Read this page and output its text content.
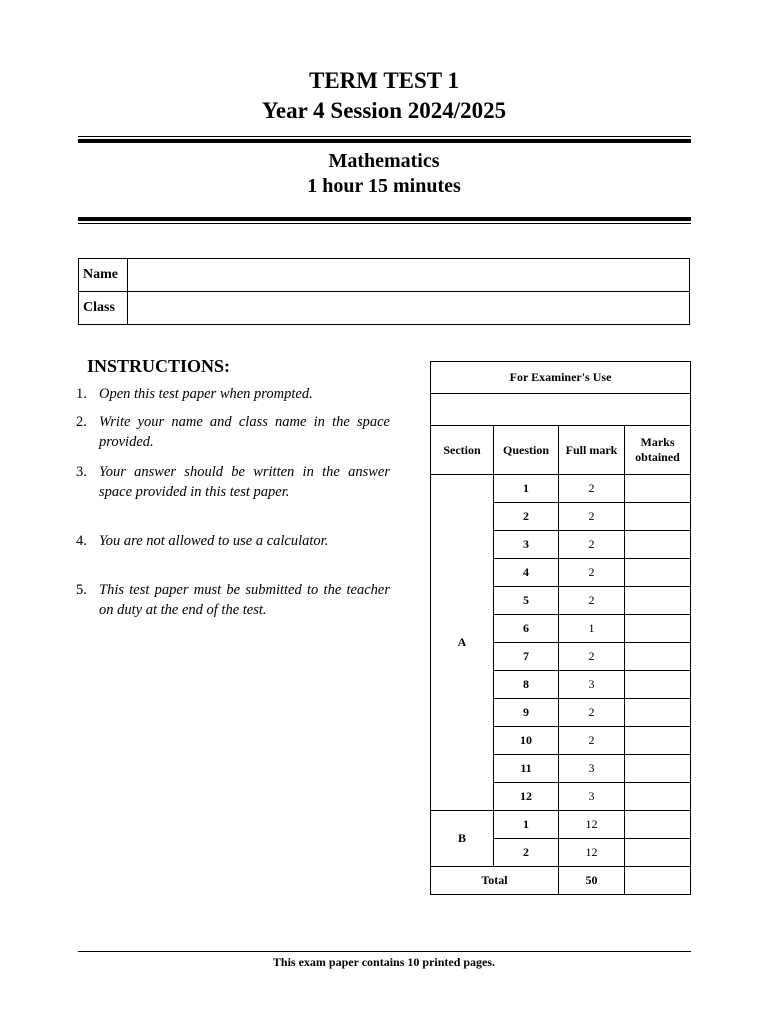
TERM TEST 1
Year 4 Session 2024/2025
Mathematics
1 hour 15 minutes
Name	
Class	
INSTRUCTIONS:
1. Open this test paper when prompted.
2. Write your name and class name in the space provided.
3. Your answer should be written in the answer space provided in this test paper.
4. You are not allowed to use a calculator.
5. This test paper must be submitted to the teacher on duty at the end of the test.
For Examiner's Use			

Section	Question	Full mark	Marks obtained
A	1	2	
	2	2	
	3	2	
	4	2	
	5	2	
	6	1	
	7	2	
	8	3	
	9	2	
	10	2	
	11	3	
	12	3	
B	1	12	
	2	12	
Total		50	
This exam paper contains 10 printed pages.
